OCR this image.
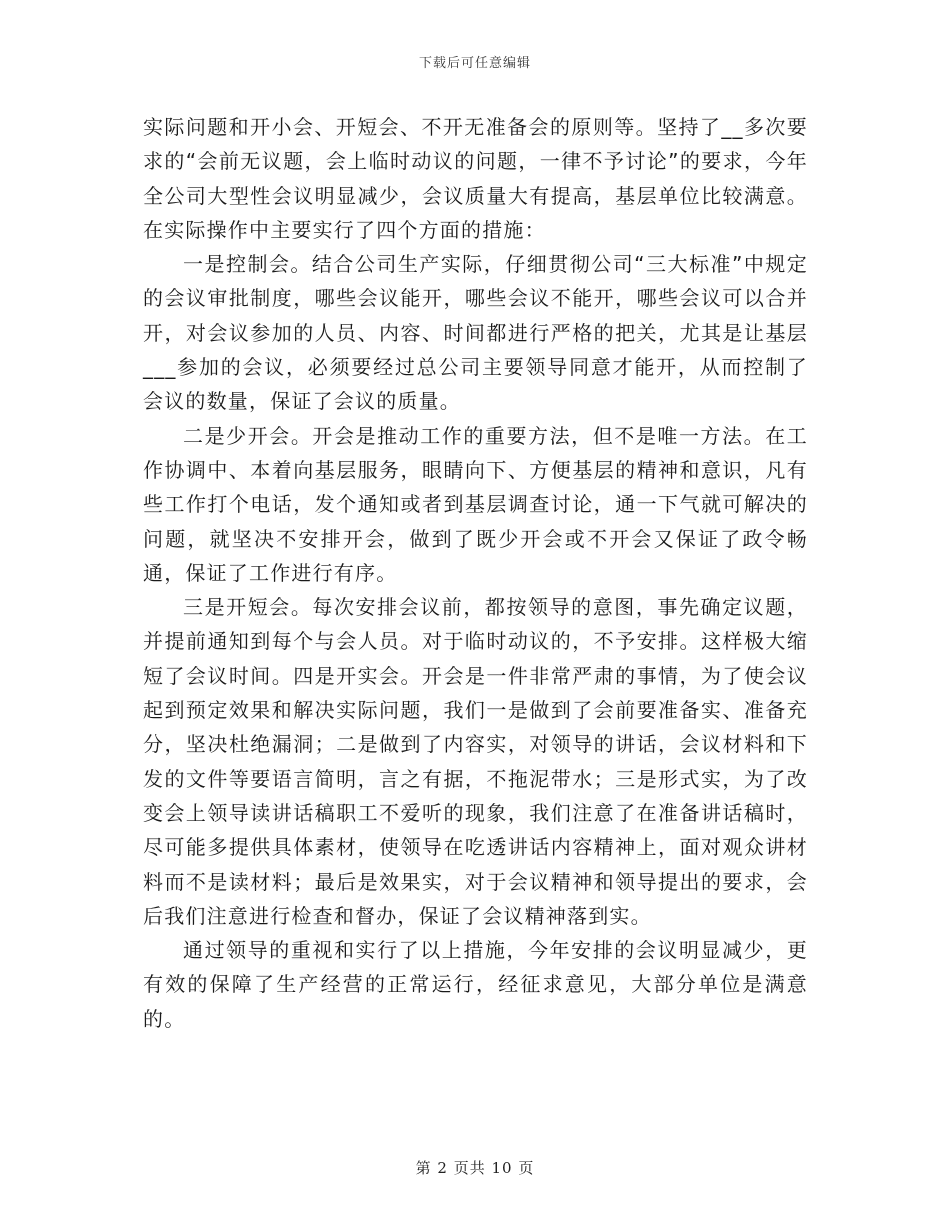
下载后可任意编辑

实际问题和开小会、开短会、不开无准备会的原则等。坚持了__多次要求的“会前无议题，会上临时动议的问题，一律不予讨论”的要求，今年全公司大型性会议明显减少，会议质量大有提高，基层单位比较满意。在实际操作中主要实行了四个方面的措施：

一是控制会。结合公司生产实际，仔细贯彻公司“三大标准”中规定的会议审批制度，哪些会议能开，哪些会议不能开，哪些会议可以合并开，对会议参加的人员、内容、时间都进行严格的把关，尤其是让基层___参加的会议，必须要经过总公司主要领导同意才能开，从而控制了会议的数量，保证了会议的质量。

二是少开会。开会是推动工作的重要方法，但不是唯一方法。在工作协调中、本着向基层服务，眼睛向下、方便基层的精神和意识，凡有些工作打个电话，发个通知或者到基层调查讨论，通一下气就可解决的问题，就坚决不安排开会，做到了既少开会或不开会又保证了政令畅通，保证了工作进行有序。

三是开短会。每次安排会议前，都按领导的意图，事先确定议题，并提前通知到每个与会人员。对于临时动议的，不予安排。这样极大缩短了会议时间。四是开实会。开会是一件非常严肃的事情，为了使会议起到预定效果和解决实际问题，我们一是做到了会前要准备实、准备充分，坚决杜绝漏洞；二是做到了内容实，对领导的讲话，会议材料和下发的文件等要语言简明，言之有据，不拖泥带水；三是形式实，为了改变会上领导读讲话稿职工不爱听的现象，我们注意了在准备讲话稿时，尽可能多提供具体素材，使领导在吃透讲话内容精神上，面对观众讲材料而不是读材料；最后是效果实，对于会议精神和领导提出的要求，会后我们注意进行检查和督办，保证了会议精神落到实。

通过领导的重视和实行了以上措施，今年安排的会议明显减少，更有效的保障了生产经营的正常运行，经征求意见，大部分单位是满意的。

第 2 页共 10 页
